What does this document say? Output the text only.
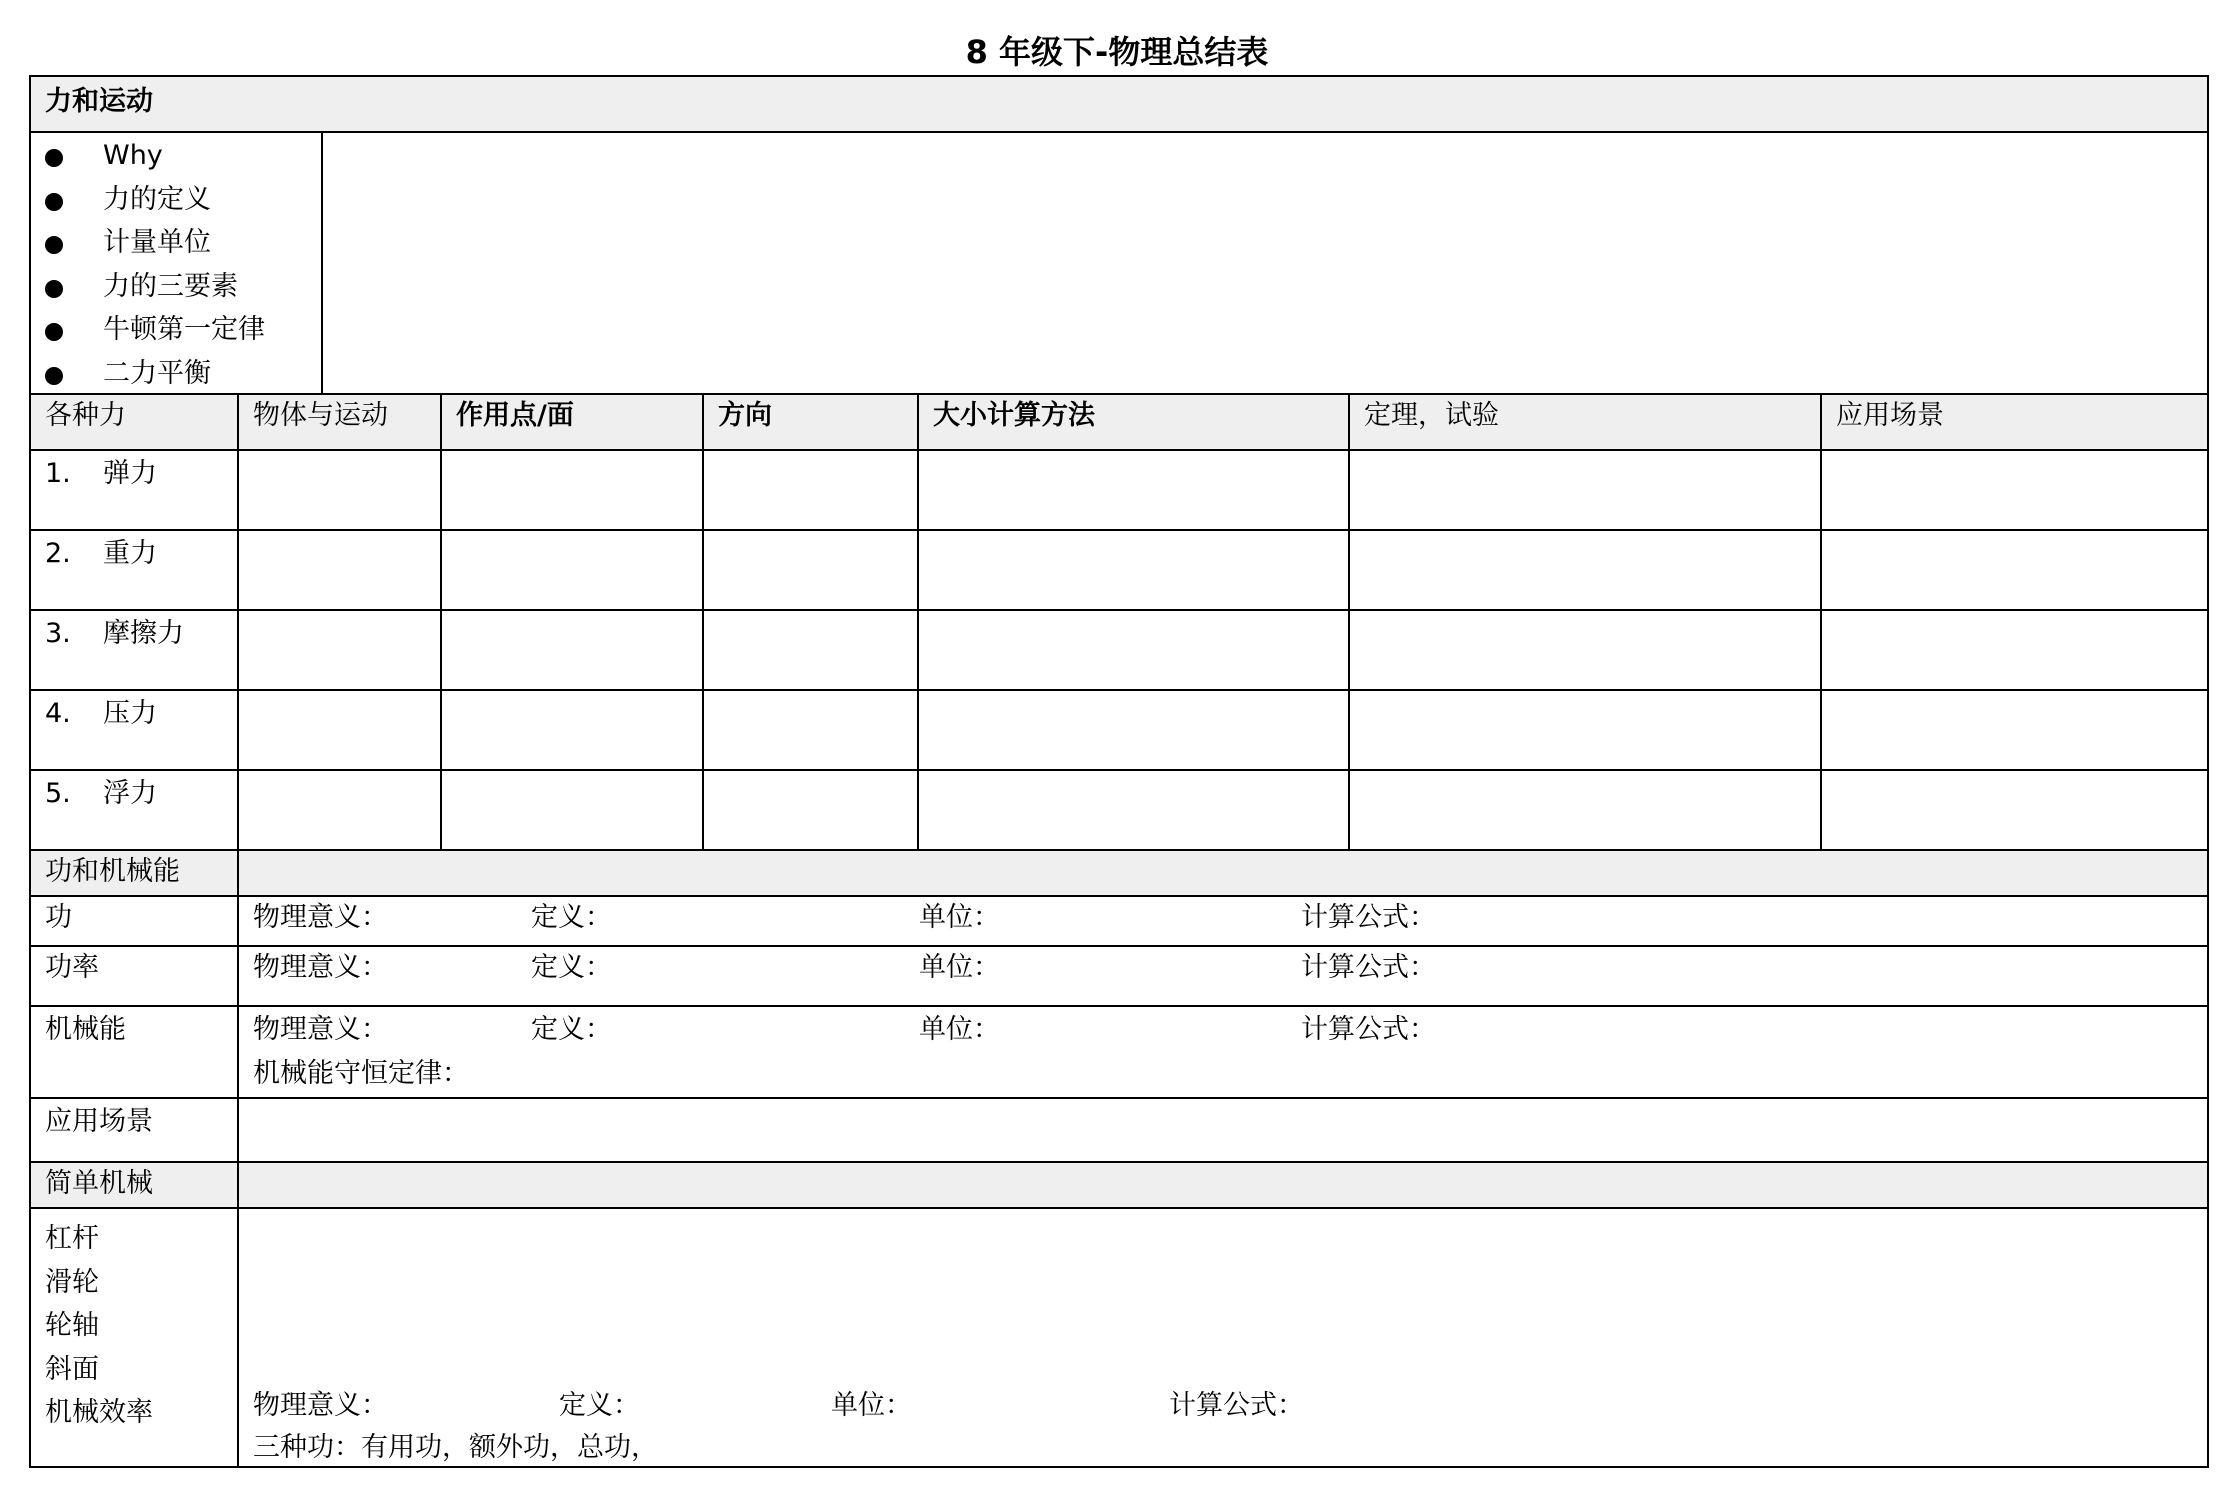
8 年级下-物理总结表
力和运动
Why
力的定义
计量单位
力的三要素
牛顿第一定律
二力平衡
各种力	物体与运动	作用点/面	方向	大小计算方法	定理，试验	应用场景
1. 弹力
2. 重力
3. 摩擦力
4. 压力
5. 浮力
功和机械能
功	物理意义：	定义：	单位：	计算公式：
功率	物理意义：	定义：	单位：	计算公式：
机械能	物理意义：	定义：	单位：	计算公式：
机械能守恒定律：
应用场景
简单机械
杠杆
滑轮
轮轴
斜面
机械效率	物理意义：	定义：	单位：	计算公式：
三种功：有用功，额外功，总功，
